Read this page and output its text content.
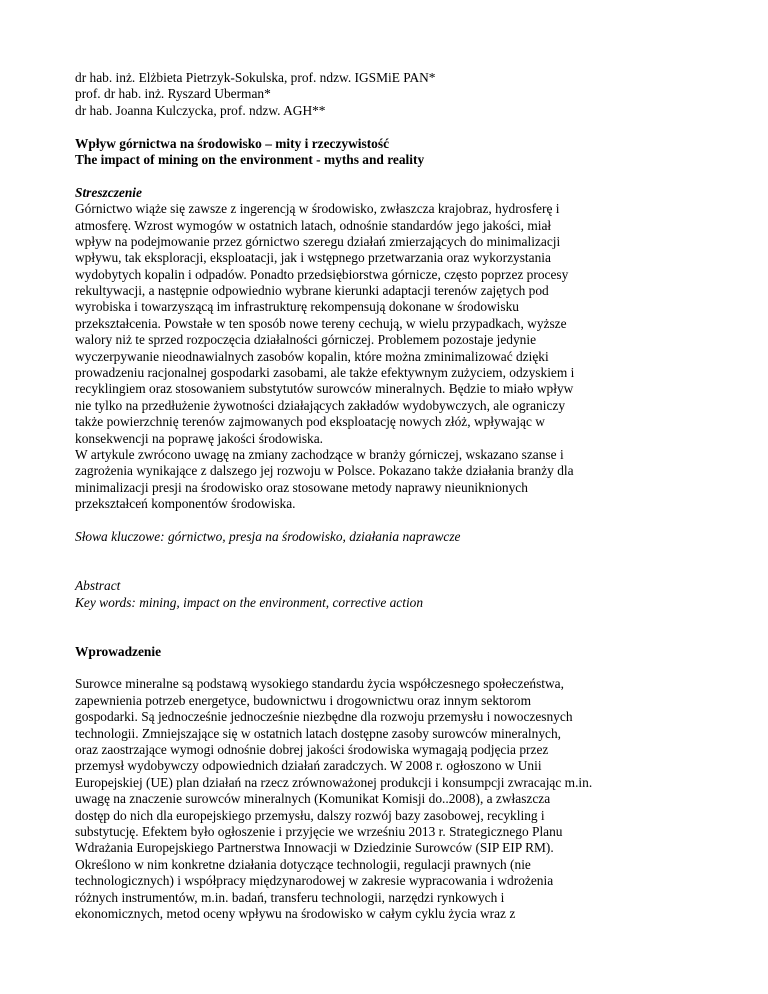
dr hab. inż. Elżbieta Pietrzyk-Sokulska, prof. ndzw. IGSMiE PAN*
prof. dr hab. inż. Ryszard Uberman*
dr hab. Joanna Kulczycka, prof. ndzw. AGH**
Wpływ górnictwa na środowisko – mity i rzeczywistość
The impact of mining on the environment - myths and reality
Streszczenie
Górnictwo wiąże się zawsze z ingerencją w środowisko, zwłaszcza krajobraz, hydrosferę i
atmosferę. Wzrost wymogów w ostatnich latach, odnośnie standardów jego jakości, miał
wpływ na podejmowanie przez górnictwo szeregu działań zmierzających do minimalizacji
wpływu, tak eksploracji, eksploatacji, jak i wstępnego przetwarzania oraz wykorzystania
wydobytych kopalin i odpadów. Ponadto przedsiębiorstwa górnicze, często poprzez procesy
rekultywacji, a następnie odpowiednio wybrane kierunki adaptacji terenów zajętych pod
wyrobiska i towarzyszącą im infrastrukturę rekompensują dokonane w środowisku
przekształcenia. Powstałe w ten sposób nowe tereny cechują, w wielu przypadkach, wyższe
walory niż te sprzed rozpoczęcia działalności górniczej. Problemem pozostaje jedynie
wyczerpywanie nieodnawialnych zasobów kopalin, które można zminimalizować dzięki
prowadzeniu racjonalnej gospodarki zasobami, ale także efektywnym zużyciem, odzyskiem i
recyklingiem oraz stosowaniem substytutów surowców mineralnych. Będzie to miało wpływ
nie tylko na przedłużenie żywotności działających zakładów wydobywczych, ale ograniczy
także powierzchnię terenów zajmowanych pod eksploatację nowych złóż, wpływając w
konsekwencji na poprawę jakości środowiska.
W artykule zwrócono uwagę na zmiany zachodzące w branży górniczej, wskazano szanse i
zagrożenia wynikające z dalszego jej rozwoju w Polsce. Pokazano także działania branży dla
minimalizacji presji na środowisko oraz stosowane metody naprawy nieuniknionych
przekształceń komponentów środowiska.
Słowa kluczowe: górnictwo, presja na środowisko, działania naprawcze
Abstract
Key words: mining, impact on the environment, corrective action
Wprowadzenie
Surowce mineralne są podstawą wysokiego standardu życia współczesnego społeczeństwa,
zapewnienia potrzeb energetyce, budownictwu i drogownictwu oraz innym sektorom
gospodarki. Są jednocześnie jednocześnie niezbędne dla rozwoju przemysłu i nowoczesnych
technologii. Zmniejszające się w ostatnich latach dostępne zasoby surowców mineralnych,
oraz zaostrzające wymogi odnośnie dobrej jakości środowiska wymagają podjęcia przez
przemysł wydobywczy odpowiednich działań zaradczych. W 2008 r. ogłoszono w Unii
Europejskiej (UE) plan działań na rzecz zrównoważonej produkcji i konsumpcji zwracając m.in.
uwagę na znaczenie surowców mineralnych (Komunikat Komisji do..2008), a zwłaszcza
dostęp do nich dla europejskiego przemysłu, dalszy rozwój bazy zasobowej, recykling i
substytucję. Efektem było ogłoszenie i przyjęcie we wrześniu 2013 r. Strategicznego Planu
Wdrażania Europejskiego Partnerstwa Innowacji w Dziedzinie Surowców (SIP EIP RM).
Określono w nim konkretne działania dotyczące technologii, regulacji prawnych (nie
technologicznych) i współpracy międzynarodowej w zakresie wypracowania i wdrożenia
różnych instrumentów, m.in. badań, transferu technologii, narzędzi rynkowych i
ekonomicznych, metod oceny wpływu na środowisko w całym cyklu życia wraz z
